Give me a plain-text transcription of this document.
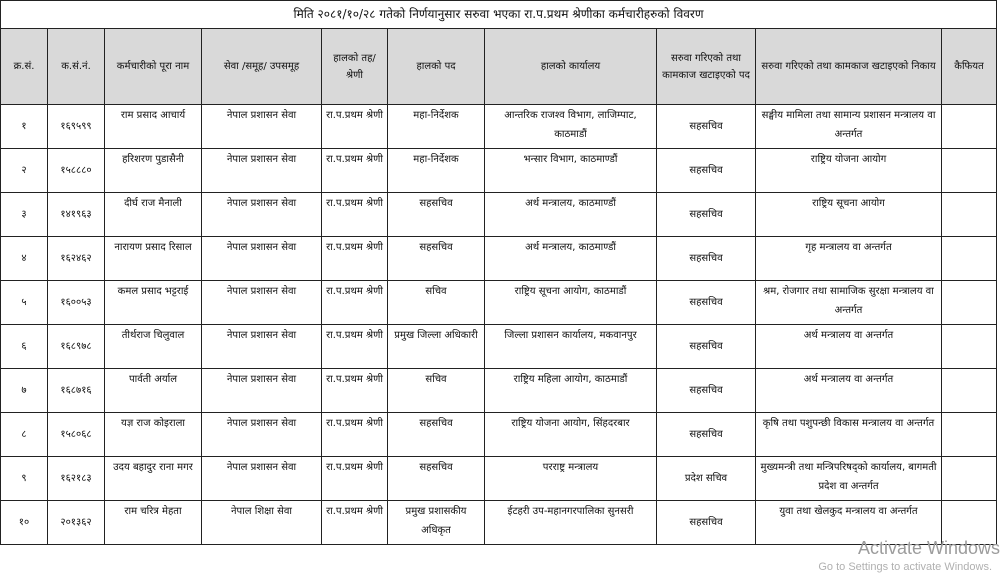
मिति २०८१/१०/२८ गतेको निर्णयानुसार सरुवा भएका रा.प.प्रथम श्रेणीका कर्मचारीहरुको विवरण									
क्र.सं.	क.सं.नं.	कर्मचारीको पूरा नाम	सेवा /समूह/ उपसमूह	हालको तह/श्रेणी	हालको पद	हालको कार्यालय	सरुवा गरिएको तथा कामकाज खटाइएको पद	सरुवा गरिएको तथा कामकाज खटाइएको निकाय	कैफियत
१	१६९५९९	राम प्रसाद आचार्य	नेपाल प्रशासन सेवा	रा.प.प्रथम श्रेणी	महा-निर्देशक	आन्तरिक राजश्व विभाग, लाजिम्पाट, काठमाडौं	सहसचिव	सङ्घीय मामिला तथा सामान्य प्रशासन मन्त्रालय वा अन्तर्गत	
२	१५८८८०	हरिशरण पुडासैनी	नेपाल प्रशासन सेवा	रा.प.प्रथम श्रेणी	महा-निर्देशक	भन्सार विभाग, काठमाण्डौं	सहसचिव	राष्ट्रिय योजना आयोग	
३	१४१९६३	दीर्घ राज मैनाली	नेपाल प्रशासन सेवा	रा.प.प्रथम श्रेणी	सहसचिव	अर्थ मन्त्रालय, काठमाण्डौं	सहसचिव	राष्ट्रिय सूचना आयोग	
४	१६२४६२	नारायण प्रसाद रिसाल	नेपाल प्रशासन सेवा	रा.प.प्रथम श्रेणी	सहसचिव	अर्थ मन्त्रालय, काठमाण्डौं	सहसचिव	गृह मन्त्रालय वा अन्तर्गत	
५	१६००५३	कमल प्रसाद भट्टराई	नेपाल प्रशासन सेवा	रा.प.प्रथम श्रेणी	सचिव	राष्ट्रिय सूचना आयोग, काठमाडौं	सहसचिव	श्रम, रोजगार तथा सामाजिक सुरक्षा मन्त्रालय वा अन्तर्गत	
६	१६८९७८	तीर्थराज चिलुवाल	नेपाल प्रशासन सेवा	रा.प.प्रथम श्रेणी	प्रमुख जिल्ला अधिकारी	जिल्ला प्रशासन कार्यालय, मकवानपुर	सहसचिव	अर्थ मन्त्रालय वा अन्तर्गत	
७	१६८७१६	पार्वती अर्याल	नेपाल प्रशासन सेवा	रा.प.प्रथम श्रेणी	सचिव	राष्ट्रिय महिला आयोग, काठमाडौं	सहसचिव	अर्थ मन्त्रालय वा अन्तर्गत	
८	१५८०६८	यज्ञ राज कोइराला	नेपाल प्रशासन सेवा	रा.प.प्रथम श्रेणी	सहसचिव	राष्ट्रिय योजना आयोग, सिंहदरबार	सहसचिव	कृषि तथा पशुपन्छी विकास मन्त्रालय वा अन्तर्गत	
९	१६२१८३	उदय बहादुर राना मगर	नेपाल प्रशासन सेवा	रा.प.प्रथम श्रेणी	सहसचिव	परराष्ट्र मन्त्रालय	प्रदेश सचिव	मुख्यमन्त्री तथा मन्त्रिपरिषद्को कार्यालय, बागमती प्रदेश वा अन्तर्गत	
१०	२०१३६२	राम चरित्र मेहता	नेपाल शिक्षा सेवा	रा.प.प्रथम श्रेणी	प्रमुख प्रशासकीय अधिकृत	ईटहरी उप-महानगरपालिका सुनसरी	सहसचिव	युवा तथा खेलकुद मन्त्रालय वा अन्तर्गत	
Activate Windows
Go to Settings to activate Windows.
